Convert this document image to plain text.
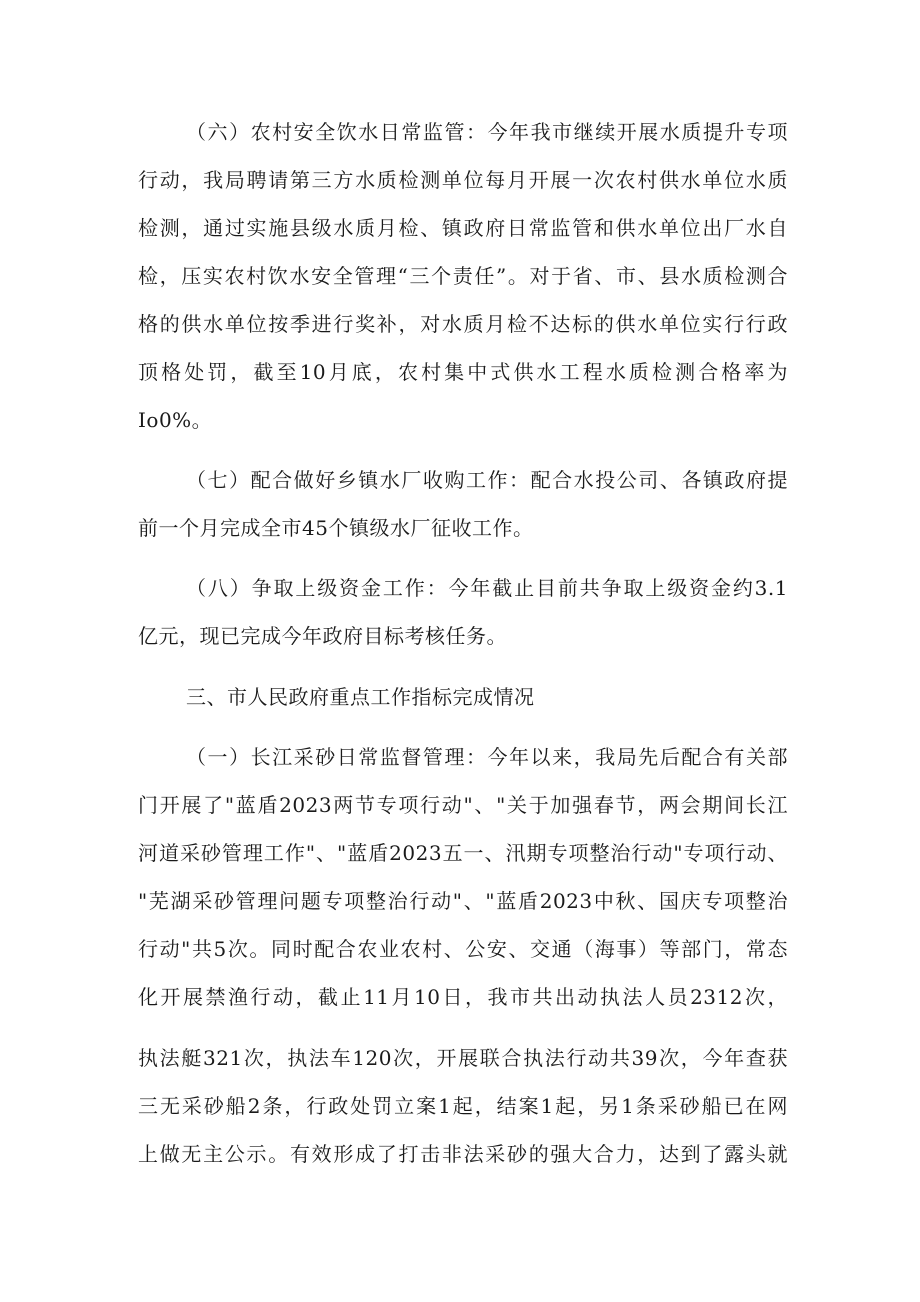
（六）农村安全饮水日常监管：今年我市继续开展水质提升专项
行动，我局聘请第三方水质检测单位每月开展一次农村供水单位水质
检测，通过实施县级水质月检、镇政府日常监管和供水单位出厂水自
检，压实农村饮水安全管理“三个责任”。对于省、市、县水质检测合
格的供水单位按季进行奖补，对水质月检不达标的供水单位实行行政
顶格处罚，截至10月底，农村集中式供水工程水质检测合格率为
Io0%。
（七）配合做好乡镇水厂收购工作：配合水投公司、各镇政府提
前一个月完成全市45个镇级水厂征收工作。
（八）争取上级资金工作：今年截止目前共争取上级资金约3.1
亿元，现已完成今年政府目标考核任务。
三、市人民政府重点工作指标完成情况
（一）长江采砂日常监督管理：今年以来，我局先后配合有关部
门开展了"蓝盾2023两节专项行动"、"关于加强春节，两会期间长江
河道采砂管理工作"、"蓝盾2023五一、汛期专项整治行动"专项行动、
"芜湖采砂管理问题专项整治行动"、"蓝盾2023中秋、国庆专项整治
行动"共5次。同时配合农业农村、公安、交通（海事）等部门，常态
化开展禁渔行动，截止11月10日，我市共出动执法人员2312次，
执法艇321次，执法车120次，开展联合执法行动共39次，今年查获
三无采砂船2条，行政处罚立案1起，结案1起，另1条采砂船已在网
上做无主公示。有效形成了打击非法采砂的强大合力，达到了露头就
